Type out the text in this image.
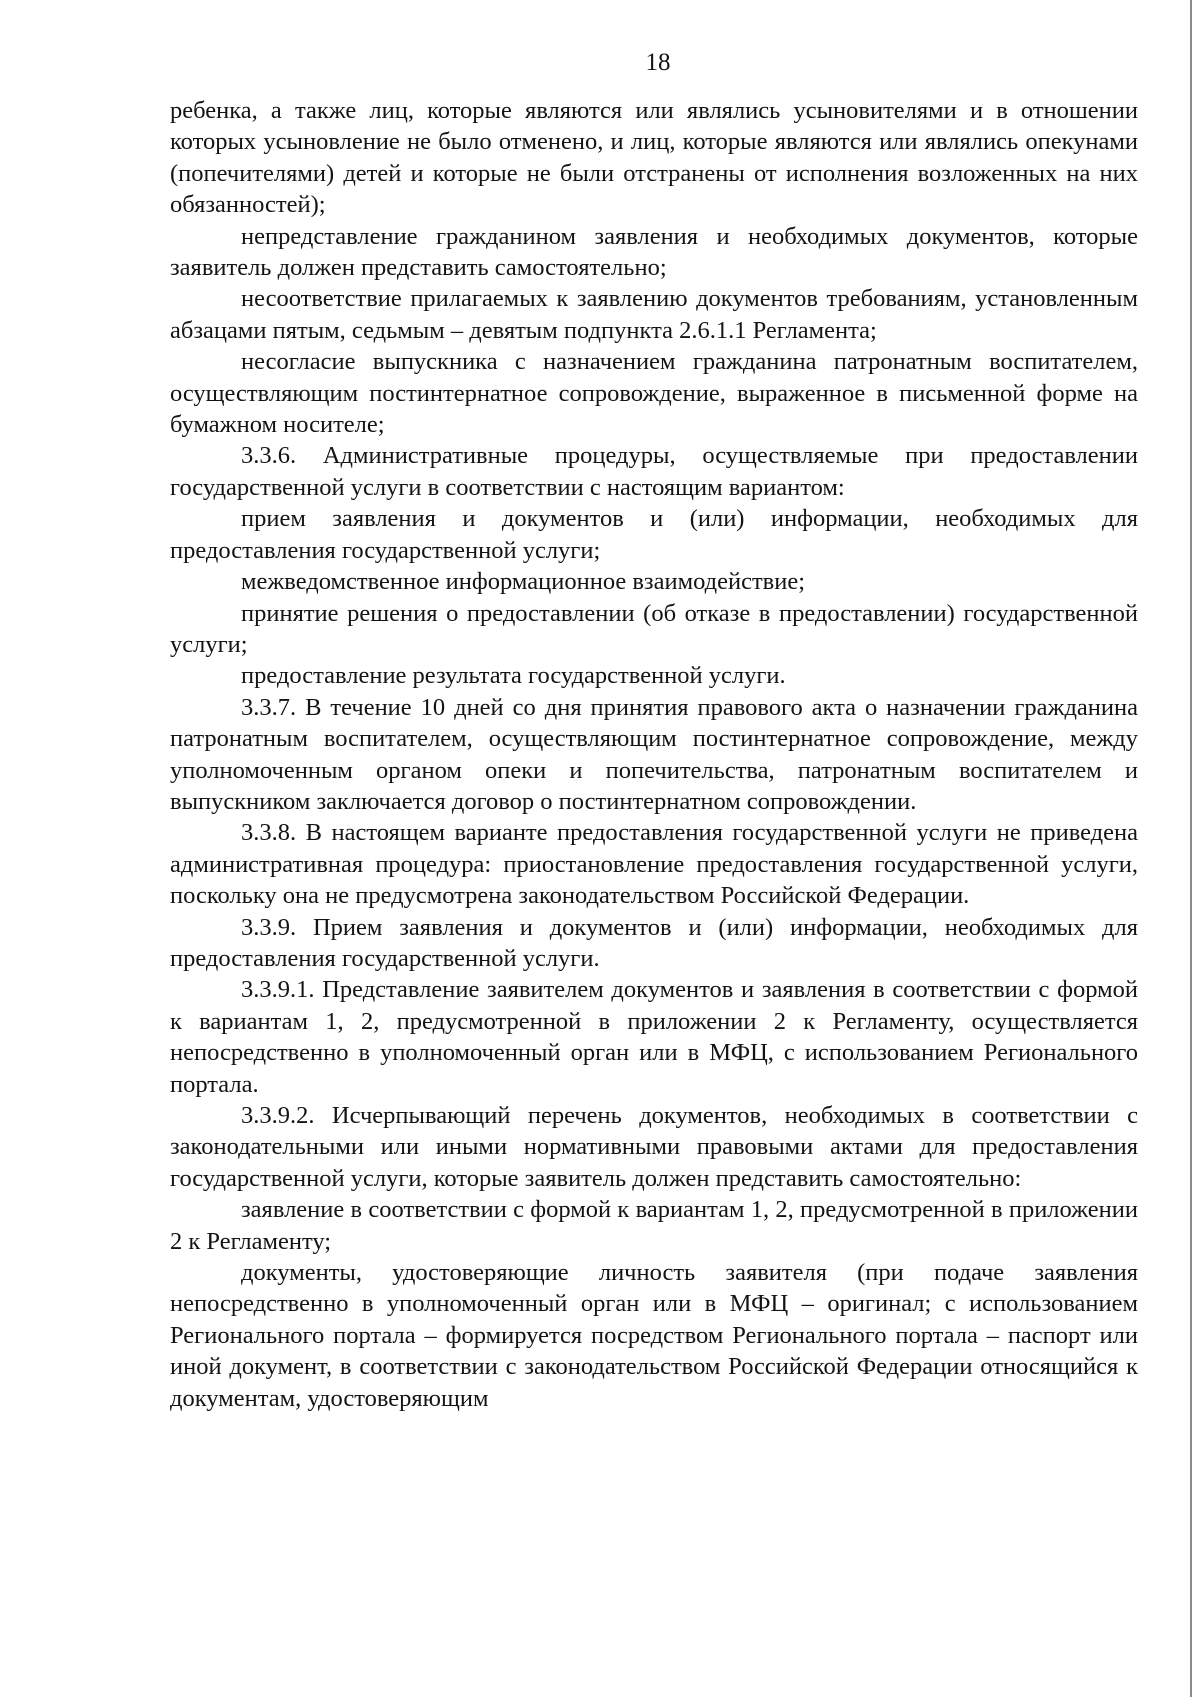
18

ребенка, а также лиц, которые являются или являлись усыновителями и в отношении которых усыновление не было отменено, и лиц, которые являются или являлись опекунами (попечителями) детей и которые не были отстранены от исполнения возложенных на них обязанностей);

непредставление гражданином заявления и необходимых документов, которые заявитель должен представить самостоятельно;

несоответствие прилагаемых к заявлению документов требованиям, установленным абзацами пятым, седьмым – девятым подпункта 2.6.1.1 Регламента;

несогласие выпускника с назначением гражданина патронатным воспитателем, осуществляющим постинтернатное сопровождение, выраженное в письменной форме на бумажном носителе;

3.3.6. Административные процедуры, осуществляемые при предоставлении государственной услуги в соответствии с настоящим вариантом:

прием заявления и документов и (или) информации, необходимых для предоставления государственной услуги;

межведомственное информационное взаимодействие;

принятие решения о предоставлении (об отказе в предоставлении) государственной услуги;

предоставление результата государственной услуги.

3.3.7. В течение 10 дней со дня принятия правового акта о назначении гражданина патронатным воспитателем, осуществляющим постинтернатное сопровождение, между уполномоченным органом опеки и попечительства, патронатным воспитателем и выпускником заключается договор о постинтернатном сопровождении.

3.3.8. В настоящем варианте предоставления государственной услуги не приведена административная процедура: приостановление предоставления государственной услуги, поскольку она не предусмотрена законодательством Российской Федерации.

3.3.9. Прием заявления и документов и (или) информации, необходимых для предоставления государственной услуги.

3.3.9.1. Представление заявителем документов и заявления в соответствии с формой к вариантам 1, 2, предусмотренной в приложении 2 к Регламенту, осуществляется непосредственно в уполномоченный орган или в МФЦ, с использованием Регионального портала.

3.3.9.2. Исчерпывающий перечень документов, необходимых в соответствии с законодательными или иными нормативными правовыми актами для предоставления государственной услуги, которые заявитель должен представить самостоятельно:

заявление в соответствии с формой к вариантам 1, 2, предусмотренной в приложении 2 к Регламенту;

документы, удостоверяющие личность заявителя (при подаче заявления непосредственно в уполномоченный орган или в МФЦ – оригинал; с использованием Регионального портала – формируется посредством Регионального портала – паспорт или иной документ, в соответствии с законодательством Российской Федерации относящийся к документам, удостоверяющим
